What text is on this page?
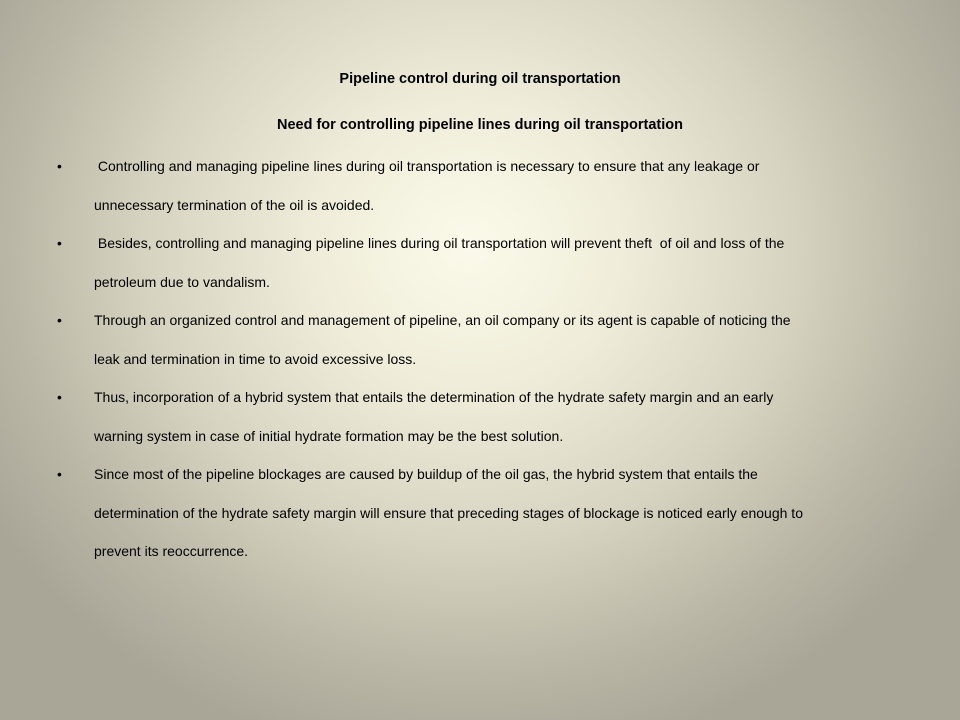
Pipeline control during oil transportation
Need for controlling pipeline lines during oil transportation
• Controlling and managing pipeline lines during oil transportation is necessary to ensure that any leakage or
unnecessary termination of the oil is avoided.
• Besides, controlling and managing pipeline lines during oil transportation will prevent theft  of oil and loss of the
petroleum due to vandalism.
• Through an organized control and management of pipeline, an oil company or its agent is capable of noticing the
leak and termination in time to avoid excessive loss.
• Thus, incorporation of a hybrid system that entails the determination of the hydrate safety margin and an early
warning system in case of initial hydrate formation may be the best solution.
• Since most of the pipeline blockages are caused by buildup of the oil gas, the hybrid system that entails the
determination of the hydrate safety margin will ensure that preceding stages of blockage is noticed early enough to
prevent its reoccurrence.
